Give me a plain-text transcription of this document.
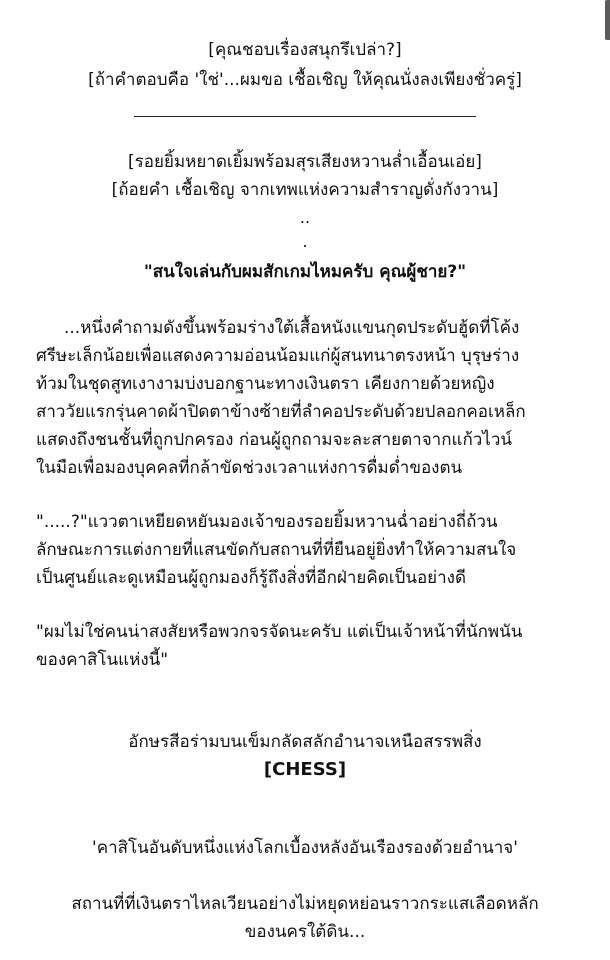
[คุณชอบเรื่องสนุกรึเปล่า?]
[ถ้าคำตอบคือ 'ใช่'...ผมขอ เชื้อเชิญ ให้คุณนั่งลงเพียงชั่วครู่]
[รอยยิ้มหยาดเยิ้มพร้อมสุรเสียงหวานล่ำเอื้อนเอ่ย]
[ถ้อยคำ เชื้อเชิญ จากเทพแห่งความสำราญดั่งกังวาน]
..
.
"สนใจเล่นกับผมสักเกมไหมครับ คุณผู้ชาย?"
...หนึ่งคำถามดังขึ้นพร้อมร่างใต้เสื้อหนังแขนกุดประดับฮู้ดที่โค้ง
ศรีษะเล็กน้อยเพื่อแสดงความอ่อนน้อมแก่ผู้สนทนาตรงหน้า บุรุษร่าง
ท้วมในชุดสูทเงางามบ่งบอกฐานะทางเงินตรา เคียงกายด้วยหญิง
สาววัยแรกรุ่นคาดผ้าปิดตาข้างซ้ายที่ลำคอประดับด้วยปลอกคอเหล็ก
แสดงถึงชนชั้นที่ถูกปกครอง ก่อนผู้ถูกถามจะละสายตาจากแก้วไวน์
ในมือเพื่อมองบุคคลที่กล้าขัดช่วงเวลาแห่งการดื่มด่ำของตน
".....?"แววตาเหยียดหยันมองเจ้าของรอยยิ้มหวานฉ่ำอย่างถี่ถ้วน
ลักษณะการแต่งกายที่แสนขัดกับสถานที่ที่ยืนอยู่ยิ่งทำให้ความสนใจ
เป็นศูนย์และดูเหมือนผู้ถูกมองก็รู้ถึงสิ่งที่อีกฝ่ายคิดเป็นอย่างดี
"ผมไม่ใช่คนน่าสงสัยหรือพวกจรจัดนะครับ แต่เป็นเจ้าหน้าที่นักพนัน
ของคาสิโนแห่งนี้"
อักษรสีอร่ามบนเข็มกลัดสลักอำนาจเหนือสรรพสิ่ง
[CHESS]
'คาสิโนอันดับหนึ่งแห่งโลกเบื้องหลังอันเรืองรองด้วยอำนาจ'
สถานที่ที่เงินตราไหลเวียนอย่างไม่หยุดหย่อนราวกระแสเลือดหลัก
ของนครใต้ดิน...
